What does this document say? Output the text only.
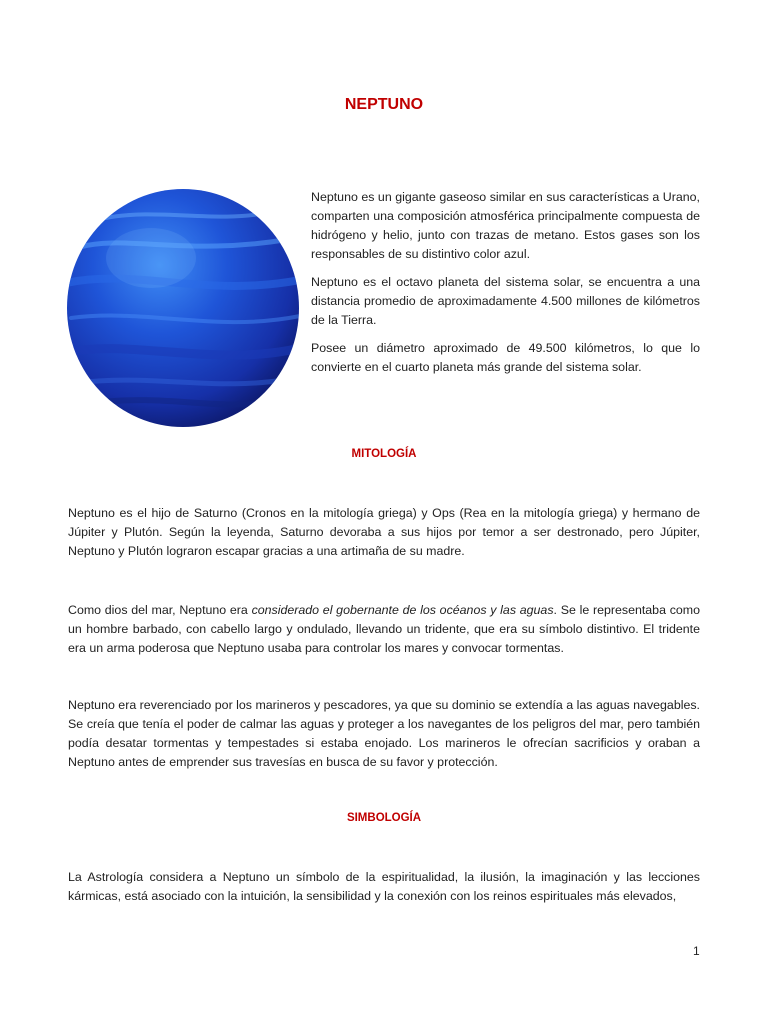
NEPTUNO

Neptuno es un gigante gaseoso similar en sus características a Urano, comparten una composición atmosférica principalmente compuesta de hidrógeno y helio, junto con trazas de metano. Estos gases son los responsables de su distintivo color azul.

Neptuno es el octavo planeta del sistema solar, se encuentra a una distancia promedio de aproximadamente 4.500 millones de kilómetros de la Tierra.

Posee un diámetro aproximado de 49.500 kilómetros, lo que lo convierte en el cuarto planeta más grande del sistema solar.

MITOLOGÍA

Neptuno es el hijo de Saturno (Cronos en la mitología griega) y Ops (Rea en la mitología griega) y hermano de Júpiter y Plutón. Según la leyenda, Saturno devoraba a sus hijos por temor a ser destronado, pero Júpiter, Neptuno y Plutón lograron escapar gracias a una artimaña de su madre.

Como dios del mar, Neptuno era considerado el gobernante de los océanos y las aguas. Se le representaba como un hombre barbado, con cabello largo y ondulado, llevando un tridente, que era su símbolo distintivo. El tridente era un arma poderosa que Neptuno usaba para controlar los mares y convocar tormentas.

Neptuno era reverenciado por los marineros y pescadores, ya que su dominio se extendía a las aguas navegables. Se creía que tenía el poder de calmar las aguas y proteger a los navegantes de los peligros del mar, pero también podía desatar tormentas y tempestades si estaba enojado. Los marineros le ofrecían sacrificios y oraban a Neptuno antes de emprender sus travesías en busca de su favor y protección.

SIMBOLOGÍA

La Astrología considera a Neptuno un símbolo de la espiritualidad, la ilusión, la imaginación y las lecciones kármicas, está asociado con la intuición, la sensibilidad y la conexión con los reinos espirituales más elevados,

1
